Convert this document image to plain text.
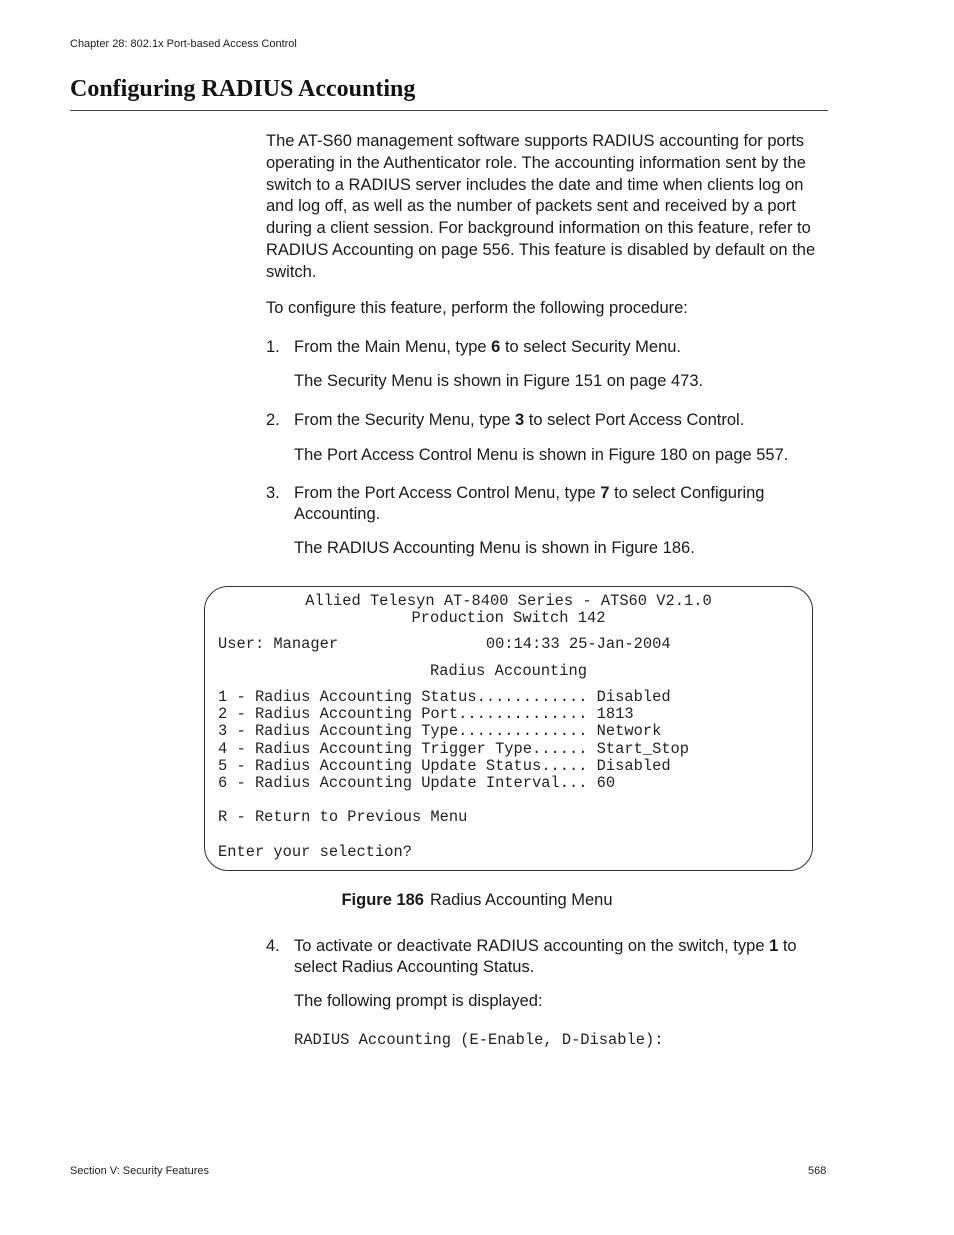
Chapter 28: 802.1x Port-based Access Control
Configuring RADIUS Accounting

The AT-S60 management software supports RADIUS accounting for ports operating in the Authenticator role. The accounting information sent by the switch to a RADIUS server includes the date and time when clients log on and log off, as well as the number of packets sent and received by a port during a client session. For background information on this feature, refer to RADIUS Accounting on page 556. This feature is disabled by default on the switch.

To configure this feature, perform the following procedure:

1. From the Main Menu, type 6 to select Security Menu.
The Security Menu is shown in Figure 151 on page 473.
2. From the Security Menu, type 3 to select Port Access Control.
The Port Access Control Menu is shown in Figure 180 on page 557.
3. From the Port Access Control Menu, type 7 to select Configuring Accounting.
The RADIUS Accounting Menu is shown in Figure 186.
Allied Telesyn AT-8400 Series - ATS60 V2.1.0
Production Switch 142
User: Manager                00:14:33 25-Jan-2004
Radius Accounting
1 - Radius Accounting Status............ Disabled
2 - Radius Accounting Port.............. 1813
3 - Radius Accounting Type.............. Network
4 - Radius Accounting Trigger Type...... Start_Stop
5 - Radius Accounting Update Status..... Disabled
6 - Radius Accounting Update Interval... 60
R - Return to Previous Menu
Enter your selection?
Figure 186 Radius Accounting Menu
4. To activate or deactivate RADIUS accounting on the switch, type 1 to select Radius Accounting Status.
The following prompt is displayed:
RADIUS Accounting (E-Enable, D-Disable):
Section V: Security Features	568
